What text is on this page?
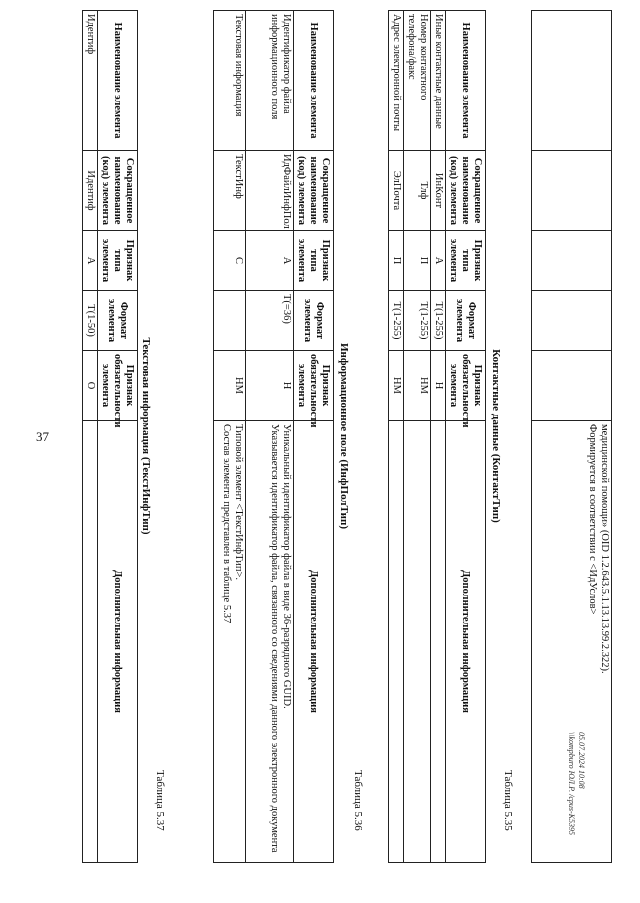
37
05.07.2024 10:08
\\kompburo ЮЛ.Р. /cpus-K5395

медицинской помощи» (OID 1.2.643.5.1.13.13.99.2.322).
Формируется в соответствии с <ИдУслов>
Таблица 5.35
Контактные данные (КонтактТип)
Наименование элемента	Сокращенное наименование (код) элемента	Признак типа элемента	Формат элемента	Признак обязательности элемента	Дополнительная информация
Иные контактные данные	ИнКонт	А	T(1-255)	Н	
Номер контактного телефона/факс	Тлф	П	T(1-255)	НМ	
Адрес электронной почты	ЭлПочта	П	T(1-255)	НМ	
Таблица 5.36
Информационное поле (ИнфПолТип)
Наименование элемента	Сокращенное наименование (код) элемента	Признак типа элемента	Формат элемента	Признак обязательности элемента	Дополнительная информация
Идентификатор файла информационного поля	ИдФайлИнфПол	А	T(=36)	Н	Уникальный идентификатор файла в виде 36-разрядного GUID.
Указывается идентификатор файла, связанного со сведениями данного электронного документа

Текстовая информация	ТекстИнф	С		НМ	Типовой элемент <ТекстИнфТип>.
Состав элемента представлен в таблице 5.37
Таблица 5.37
Текстовая информация (ТекстИнфТип)
Наименование элемента	Сокращенное наименование (код) элемента	Признак типа элемента	Формат элемента	Признак обязательности элемента	Дополнительная информация
Идентиф	Идентиф	А	T(1-50)	О	
